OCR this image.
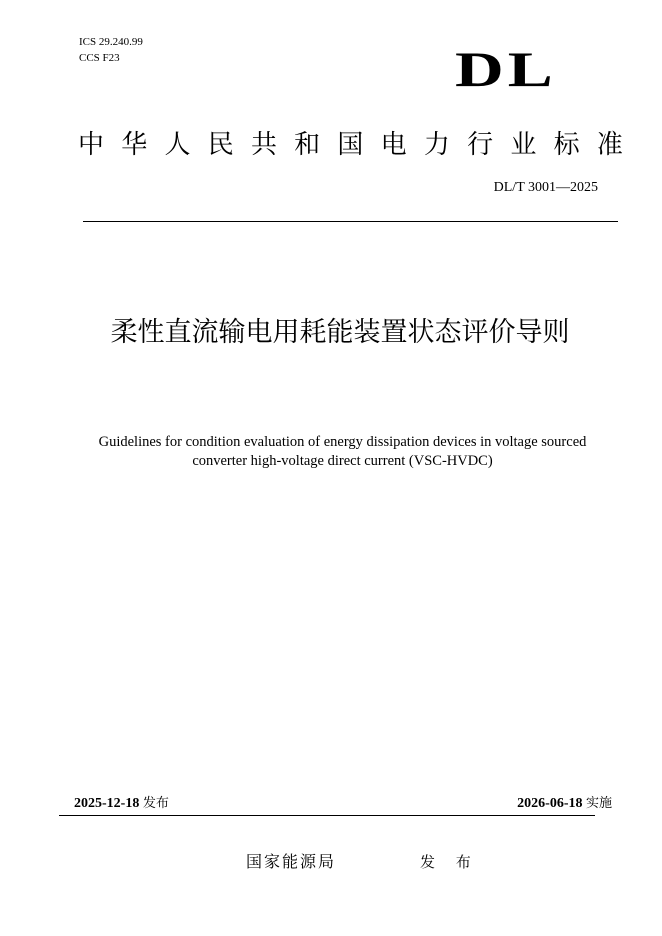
ICS 29.240.99
CCS F23	DL
中 华 人 民 共 和 国 电 力 行 业 标 准
DL/T 3001—2025
柔性直流输电用耗能装置状态评价导则
Guidelines for condition evaluation of energy dissipation devices in voltage sourced
converter high-voltage direct current (VSC-HVDC)
2025-12-18 发布	2026-06-18 实施
国家能源局	发 布
